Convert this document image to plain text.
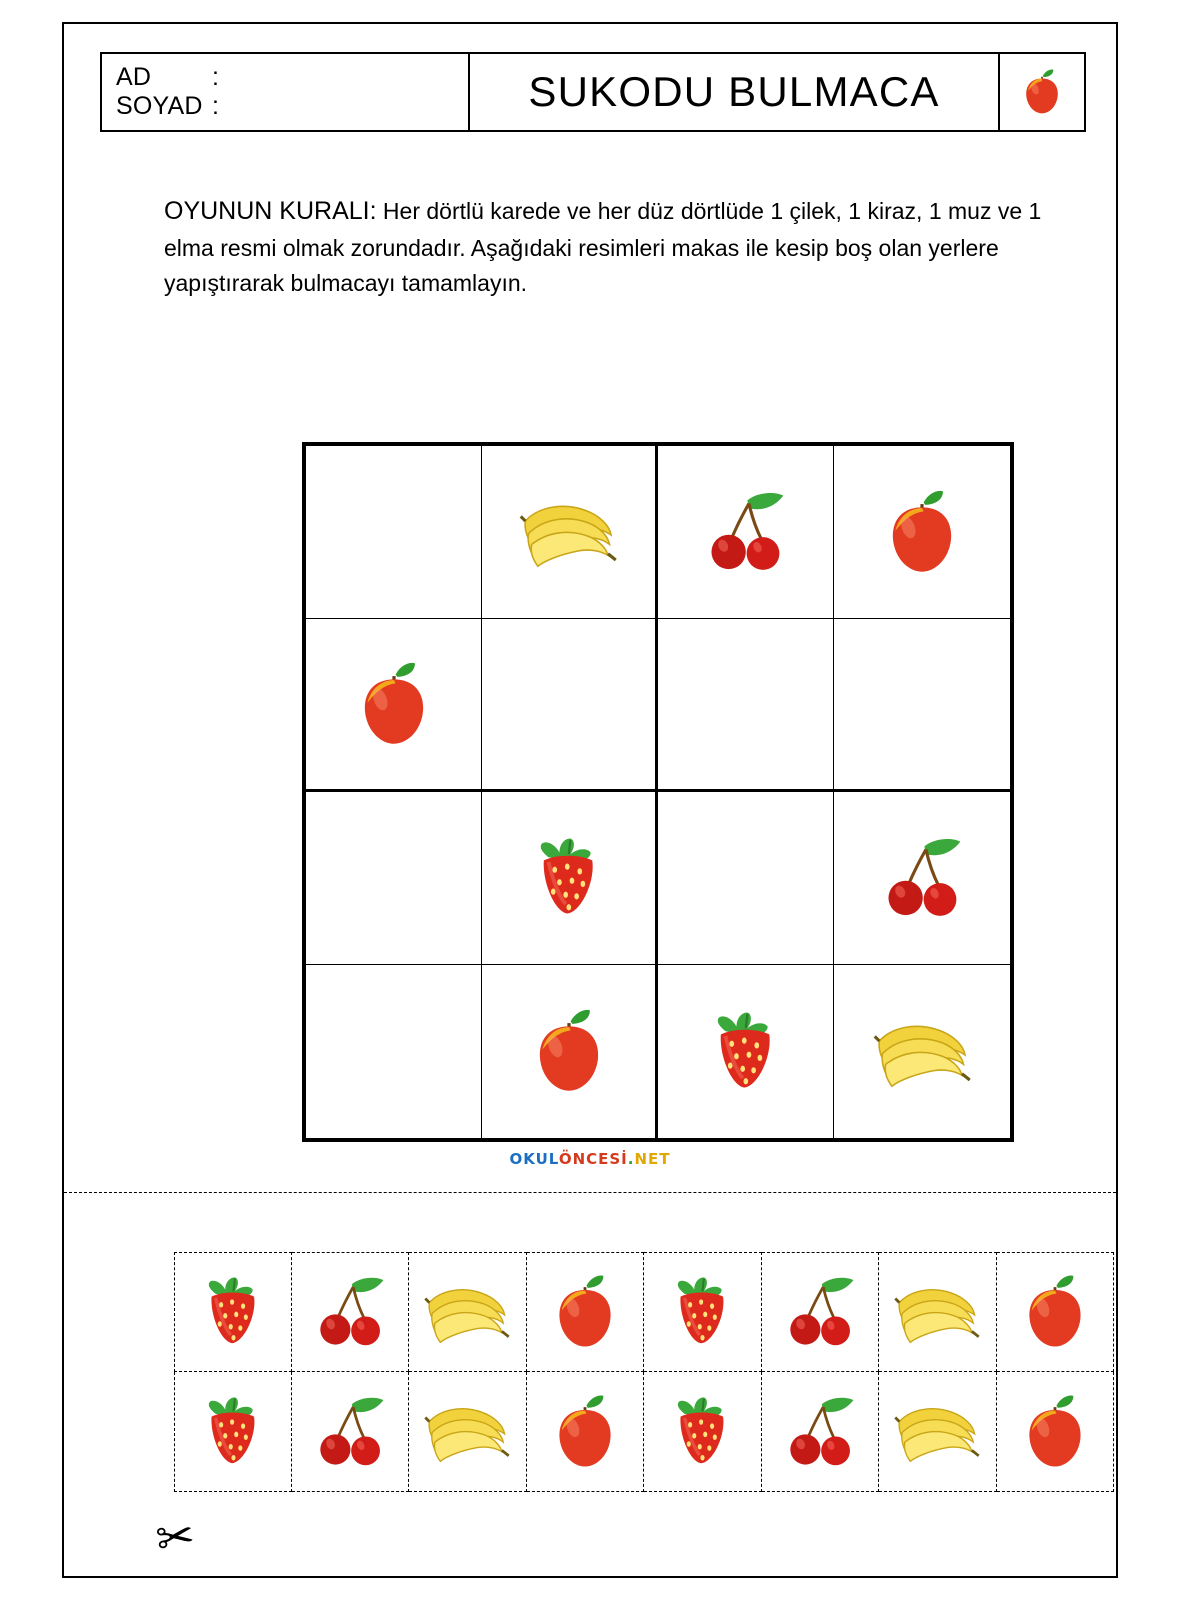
AD	:
SOYAD :	SUKODU BULMACA
OYUNUN KURALI: Her dörtlü karede ve her düz dörtlüde 1 çilek, 1 kiraz, 1 muz ve 1 elma resmi olmak zorundadır. Aşağıdaki resimleri makas ile kesip boş olan yerlere yapıştırarak bulmacayı tamamlayın.
OKULÖNCESİ.NET
✂
